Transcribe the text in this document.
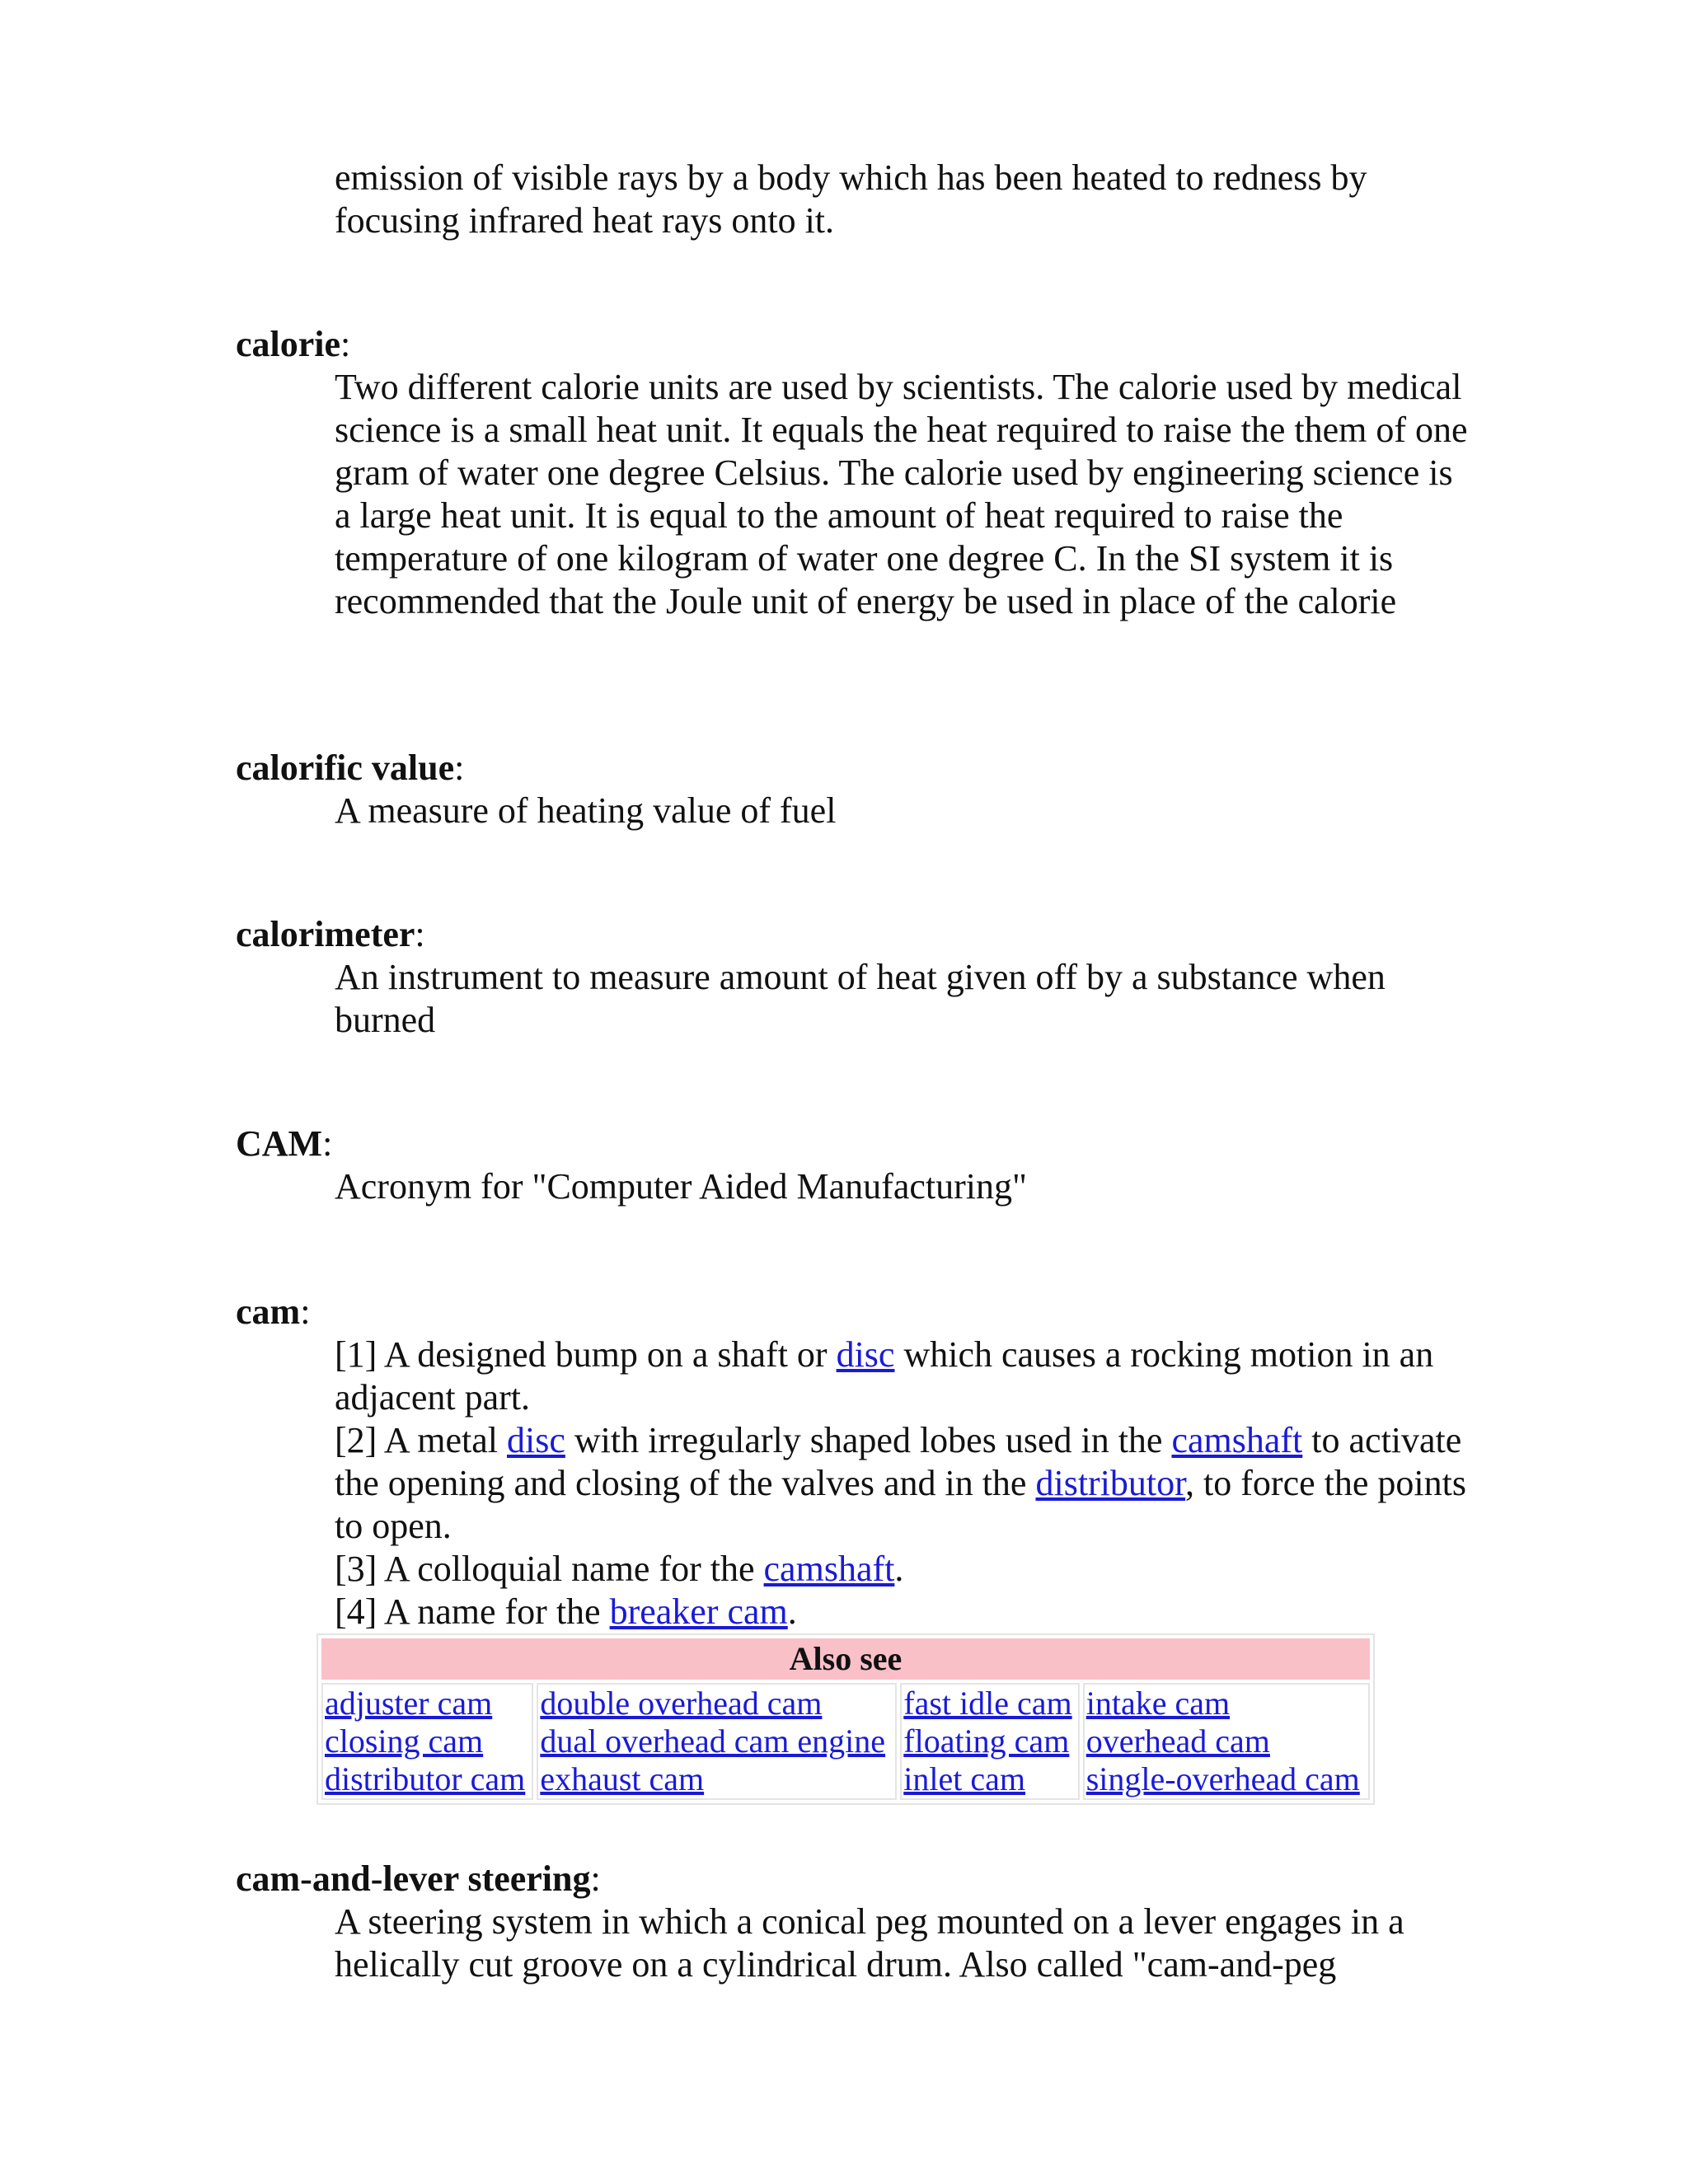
emission of visible rays by a body which has been heated to redness by focusing infrared heat rays onto it.
calorie:
Two different calorie units are used by scientists. The calorie used by medical science is a small heat unit. It equals the heat required to raise the them of one gram of water one degree Celsius. The calorie used by engineering science is a large heat unit. It is equal to the amount of heat required to raise the temperature of one kilogram of water one degree C. In the SI system it is recommended that the Joule unit of energy be used in place of the calorie
calorific value:
A measure of heating value of fuel
calorimeter:
An instrument to measure amount of heat given off by a substance when burned
CAM:
Acronym for "Computer Aided Manufacturing"
cam:
[1] A designed bump on a shaft or disc which causes a rocking motion in an adjacent part.
[2] A metal disc with irregularly shaped lobes used in the camshaft to activate the opening and closing of the valves and in the distributor, to force the points to open.
[3] A colloquial name for the camshaft.
[4] A name for the breaker cam.
Also see

adjuster cam
closing cam
distributor cam

double overhead cam
dual overhead cam engine
exhaust cam

fast idle cam
floating cam
inlet cam

intake cam
overhead cam
single-overhead cam
cam-and-lever steering:
A steering system in which a conical peg mounted on a lever engages in a helically cut groove on a cylindrical drum. Also called "cam-and-peg
